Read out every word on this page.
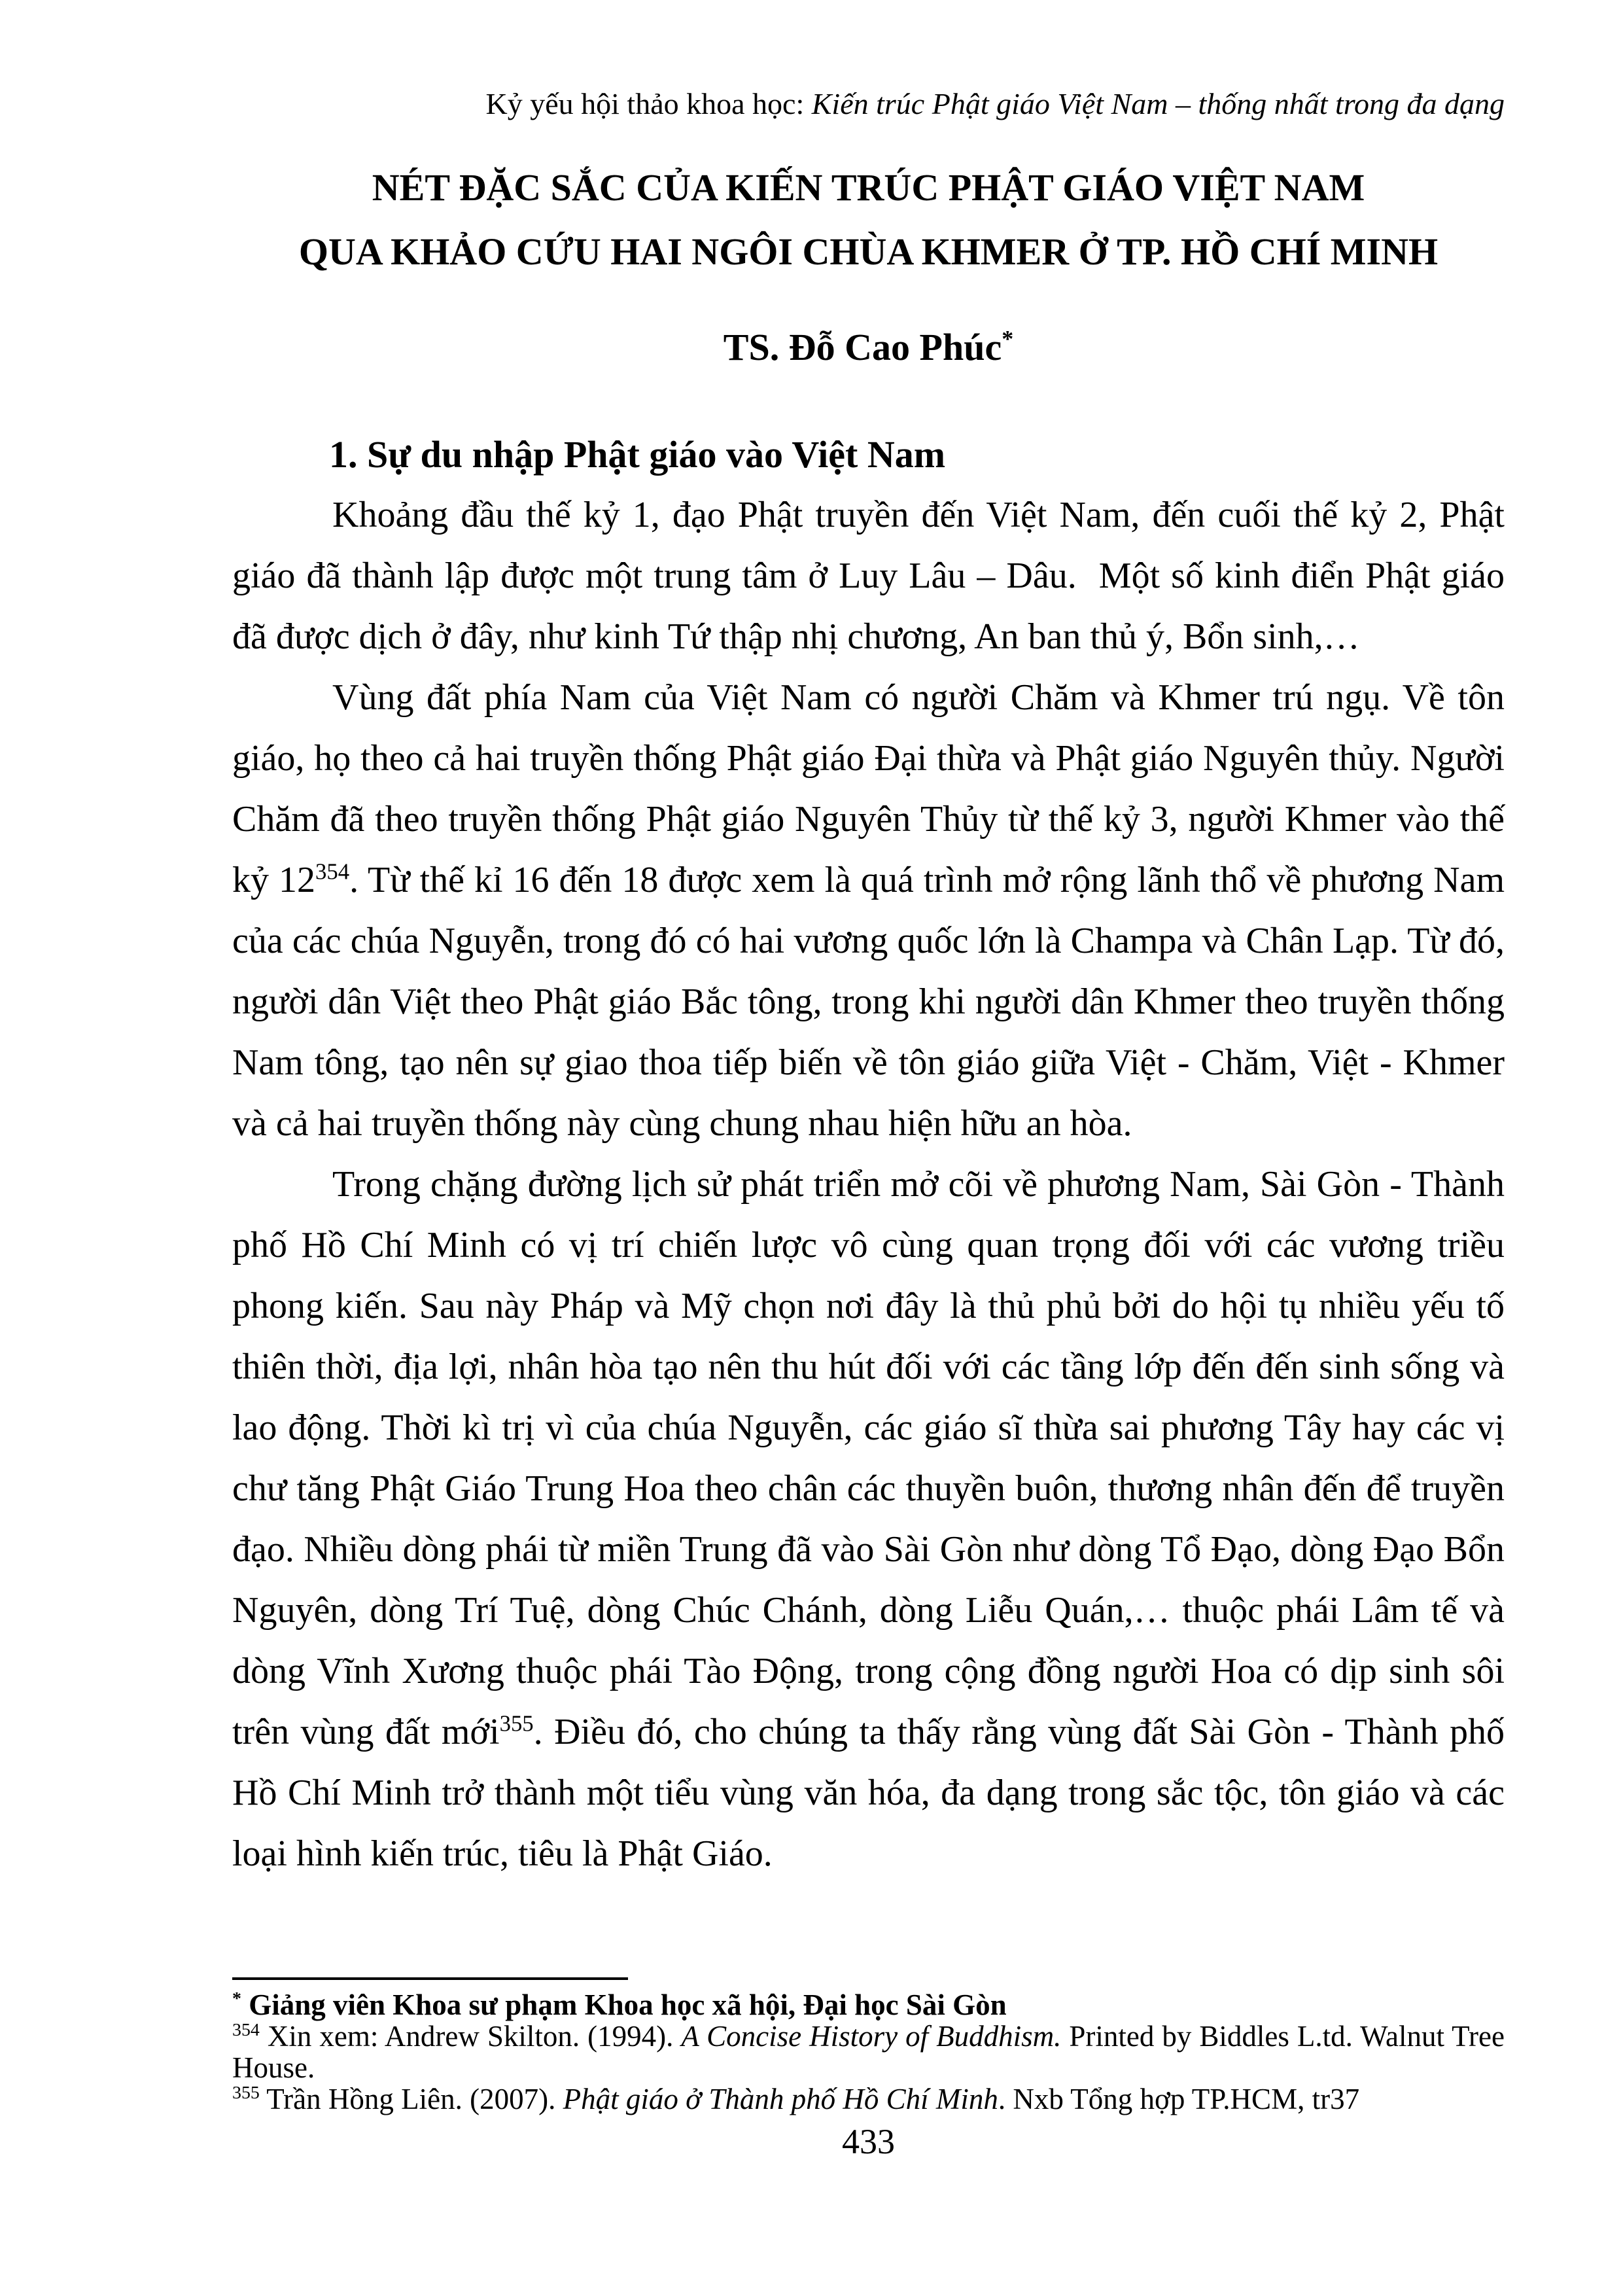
Kỷ yếu hội thảo khoa học: Kiến trúc Phật giáo Việt Nam – thống nhất trong đa dạng
NÉT ĐẶC SẮC CỦA KIẾN TRÚC PHẬT GIÁO VIỆT NAM
QUA KHẢO CỨU HAI NGÔI CHÙA KHMER Ở TP. HỒ CHÍ MINH
TS. Đỗ Cao Phúc*
1. Sự du nhập Phật giáo vào Việt Nam

Khoảng đầu thế kỷ 1, đạo Phật truyền đến Việt Nam, đến cuối thế kỷ 2, Phật giáo đã thành lập được một trung tâm ở Luy Lâu – Dâu.  Một số kinh điển Phật giáo đã được dịch ở đây, như kinh Tứ thập nhị chương, An ban thủ ý, Bổn sinh,…

Vùng đất phía Nam của Việt Nam có người Chăm và Khmer trú ngụ. Về tôn giáo, họ theo cả hai truyền thống Phật giáo Đại thừa và Phật giáo Nguyên thủy. Người Chăm đã theo truyền thống Phật giáo Nguyên Thủy từ thế kỷ 3, người Khmer vào thế kỷ $12^{354}$. Từ thế kỉ 16 đến 18 được xem là quá trình mở rộng lãnh thổ về phương Nam của các chúa Nguyễn, trong đó có hai vương quốc lớn là Champa và Chân Lạp. Từ đó, người dân Việt theo Phật giáo Bắc tông, trong khi người dân Khmer theo truyền thống Nam tông, tạo nên sự giao thoa tiếp biến về tôn giáo giữa Việt - Chăm, Việt - Khmer và cả hai truyền thống này cùng chung nhau hiện hữu an hòa.

Trong chặng đường lịch sử phát triển mở cõi về phương Nam, Sài Gòn - Thành phố Hồ Chí Minh có vị trí chiến lược vô cùng quan trọng đối với các vương triều phong kiến. Sau này Pháp và Mỹ chọn nơi đây là thủ phủ bởi do hội tụ nhiều yếu tố thiên thời, địa lợi, nhân hòa tạo nên thu hút đối với các tầng lớp đến đến sinh sống và lao động. Thời kì trị vì của chúa Nguyễn, các giáo sĩ thừa sai phương Tây hay các vị chư tăng Phật Giáo Trung Hoa theo chân các thuyền buôn, thương nhân đến để truyền đạo. Nhiều dòng phái từ miền Trung đã vào Sài Gòn như dòng Tổ Đạo, dòng Đạo Bổn Nguyên, dòng Trí Tuệ, dòng Chúc Chánh, dòng Liễu Quán,… thuộc phái Lâm tế và dòng Vĩnh Xương thuộc phái Tào Động, trong cộng đồng người Hoa có dịp sinh sôi trên vùng đất mới$^{355}$. Điều đó, cho chúng ta thấy rằng vùng đất Sài Gòn - Thành phố Hồ Chí Minh trở thành một tiểu vùng văn hóa, đa dạng trong sắc tộc, tôn giáo và các loại hình kiến trúc, tiêu là Phật Giáo.

* Giảng viên Khoa sư phạm Khoa học xã hội, Đại học Sài Gòn

$^{354}$ Xin xem: Andrew Skilton. (1994). A Concise History of Buddhism. Printed by Biddles L.td. Walnut Tree House.

$^{355}$ Trần Hồng Liên. (2007). Phật giáo ở Thành phố Hồ Chí Minh. Nxb Tổng hợp TP.HCM, tr37

433
